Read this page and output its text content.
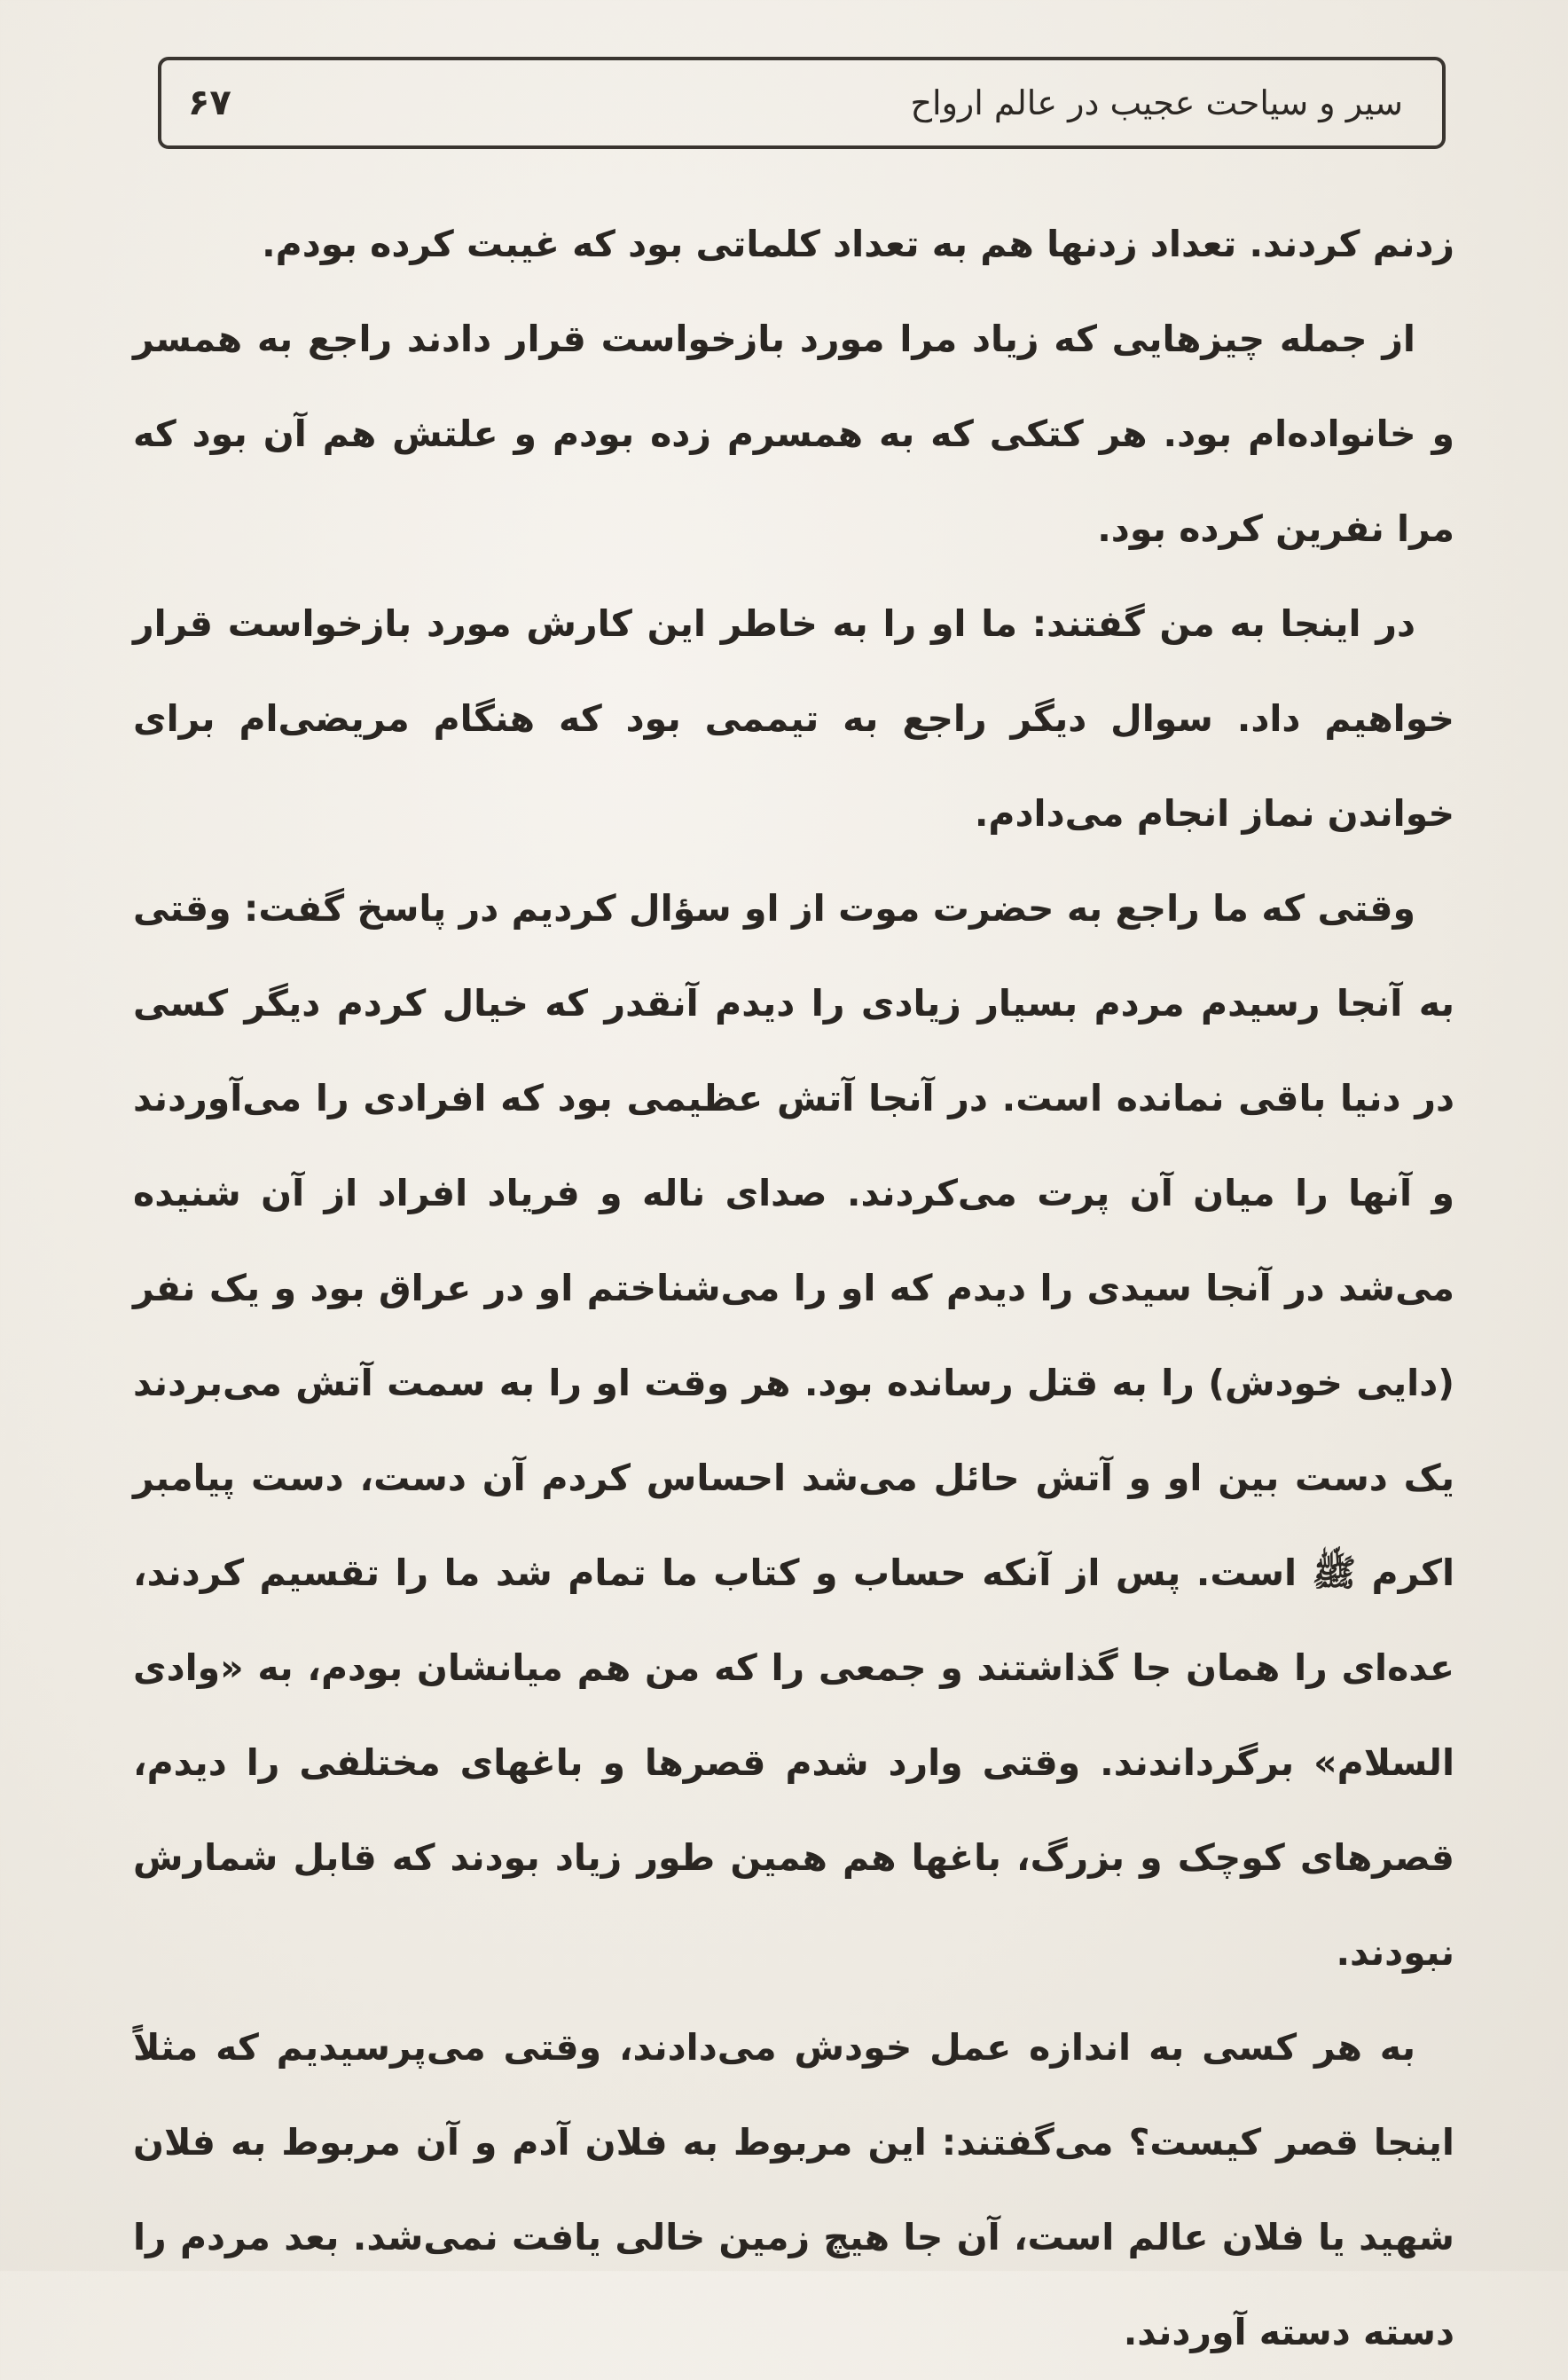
سیر و سیاحت عجیب در عالم ارواح
۶۷

زدنم کردند. تعداد زدنها هم به تعداد کلماتی بود که غیبت کرده بودم.

از جمله چیزهایی که زیاد مرا مورد بازخواست قرار دادند راجع به همسر و خانواده‌ام بود. هر کتکی که به همسرم زده بودم و علتش هم آن بود که مرا نفرین کرده بود.

در اینجا به من گفتند: ما او را به خاطر این کارش مورد بازخواست قرار خواهیم داد. سوال دیگر راجع به تیممی بود که هنگام مریضی‌ام برای خواندن نماز انجام می‌دادم.

وقتی که ما راجع به حضرت موت از او سؤال کردیم در پاسخ گفت: وقتی به آنجا رسیدم مردم بسیار زیادی را دیدم آنقدر که خیال کردم دیگر کسی در دنیا باقی نمانده است. در آنجا آتش عظیمی بود که افرادی را می‌آوردند و آنها را میان آن پرت می‌کردند. صدای ناله و فریاد افراد از آن شنیده می‌شد در آنجا سیدی را دیدم که او را می‌شناختم او در عراق بود و یک نفر (دایی خودش) را به قتل رسانده بود. هر وقت او را به سمت آتش می‌بردند یک دست بین او و آتش حائل می‌شد احساس کردم آن دست، دست پیامبر اکرم ﷺ است. پس از آنکه حساب و کتاب ما تمام شد ما را تقسیم کردند، عده‌ای را همان جا گذاشتند و جمعی را که من هم میانشان بودم، به «وادی السلام» برگرداندند. وقتی وارد شدم قصرها و باغهای مختلفی را دیدم، قصرهای کوچک و بزرگ، باغها هم همین طور زیاد بودند که قابل شمارش نبودند.

به هر کسی به اندازه عمل خودش می‌دادند، وقتی می‌پرسیدیم که مثلاً اینجا قصر کیست؟ می‌گفتند: این مربوط به فلان آدم و آن مربوط به فلان شهید یا فلان عالم است، آن جا هیچ زمین خالی یافت نمی‌شد. بعد مردم را دسته دسته آوردند.
